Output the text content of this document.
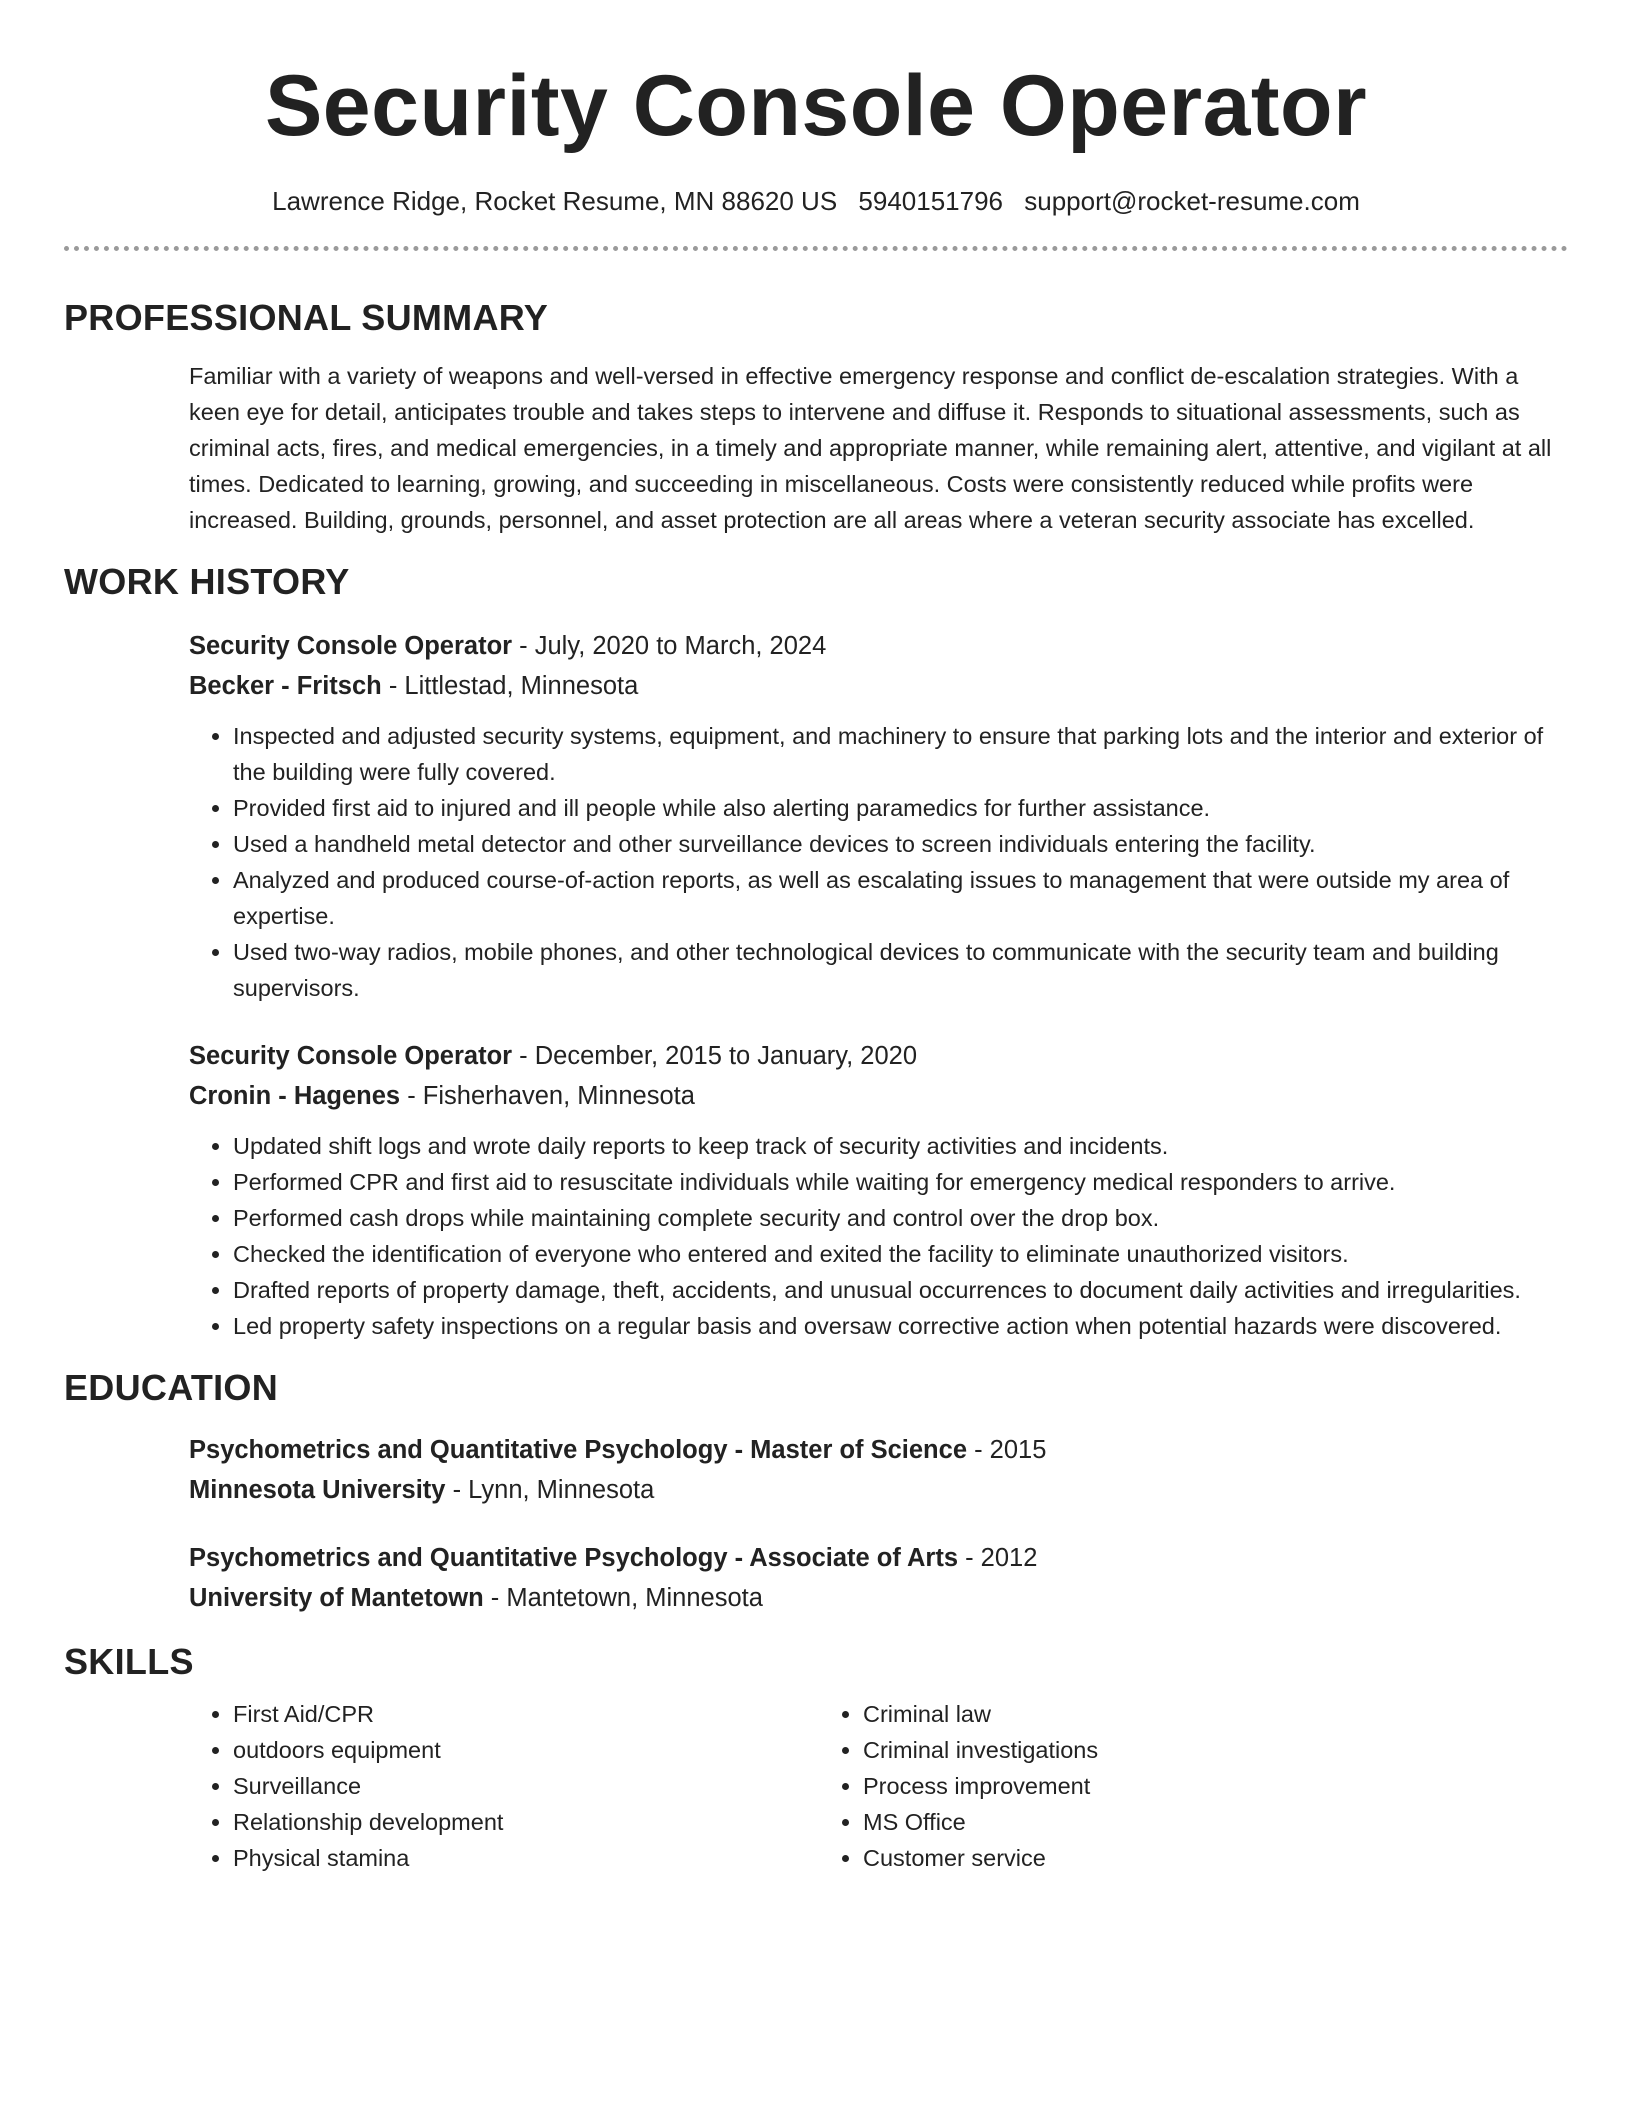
Security Console Operator
Lawrence Ridge, Rocket Resume, MN 88620 US 5940151796 support@rocket-resume.com
PROFESSIONAL SUMMARY
Familiar with a variety of weapons and well-versed in effective emergency response and conflict de-escalation strategies. With a keen eye for detail, anticipates trouble and takes steps to intervene and diffuse it. Responds to situational assessments, such as criminal acts, fires, and medical emergencies, in a timely and appropriate manner, while remaining alert, attentive, and vigilant at all times. Dedicated to learning, growing, and succeeding in miscellaneous. Costs were consistently reduced while profits were increased. Building, grounds, personnel, and asset protection are all areas where a veteran security associate has excelled.
WORK HISTORY
Security Console Operator - July, 2020 to March, 2024
Becker - Fritsch - Littlestad, Minnesota
• Inspected and adjusted security systems, equipment, and machinery to ensure that parking lots and the interior and exterior of the building were fully covered.
• Provided first aid to injured and ill people while also alerting paramedics for further assistance.
• Used a handheld metal detector and other surveillance devices to screen individuals entering the facility.
• Analyzed and produced course-of-action reports, as well as escalating issues to management that were outside my area of expertise.
• Used two-way radios, mobile phones, and other technological devices to communicate with the security team and building supervisors.
Security Console Operator - December, 2015 to January, 2020
Cronin - Hagenes - Fisherhaven, Minnesota
• Updated shift logs and wrote daily reports to keep track of security activities and incidents.
• Performed CPR and first aid to resuscitate individuals while waiting for emergency medical responders to arrive.
• Performed cash drops while maintaining complete security and control over the drop box.
• Checked the identification of everyone who entered and exited the facility to eliminate unauthorized visitors.
• Drafted reports of property damage, theft, accidents, and unusual occurrences to document daily activities and irregularities.
• Led property safety inspections on a regular basis and oversaw corrective action when potential hazards were discovered.
EDUCATION
Psychometrics and Quantitative Psychology - Master of Science - 2015
Minnesota University - Lynn, Minnesota
Psychometrics and Quantitative Psychology - Associate of Arts - 2012
University of Mantetown - Mantetown, Minnesota
SKILLS
• First Aid/CPR
• outdoors equipment
• Surveillance
• Relationship development
• Physical stamina
• Criminal law
• Criminal investigations
• Process improvement
• MS Office
• Customer service
